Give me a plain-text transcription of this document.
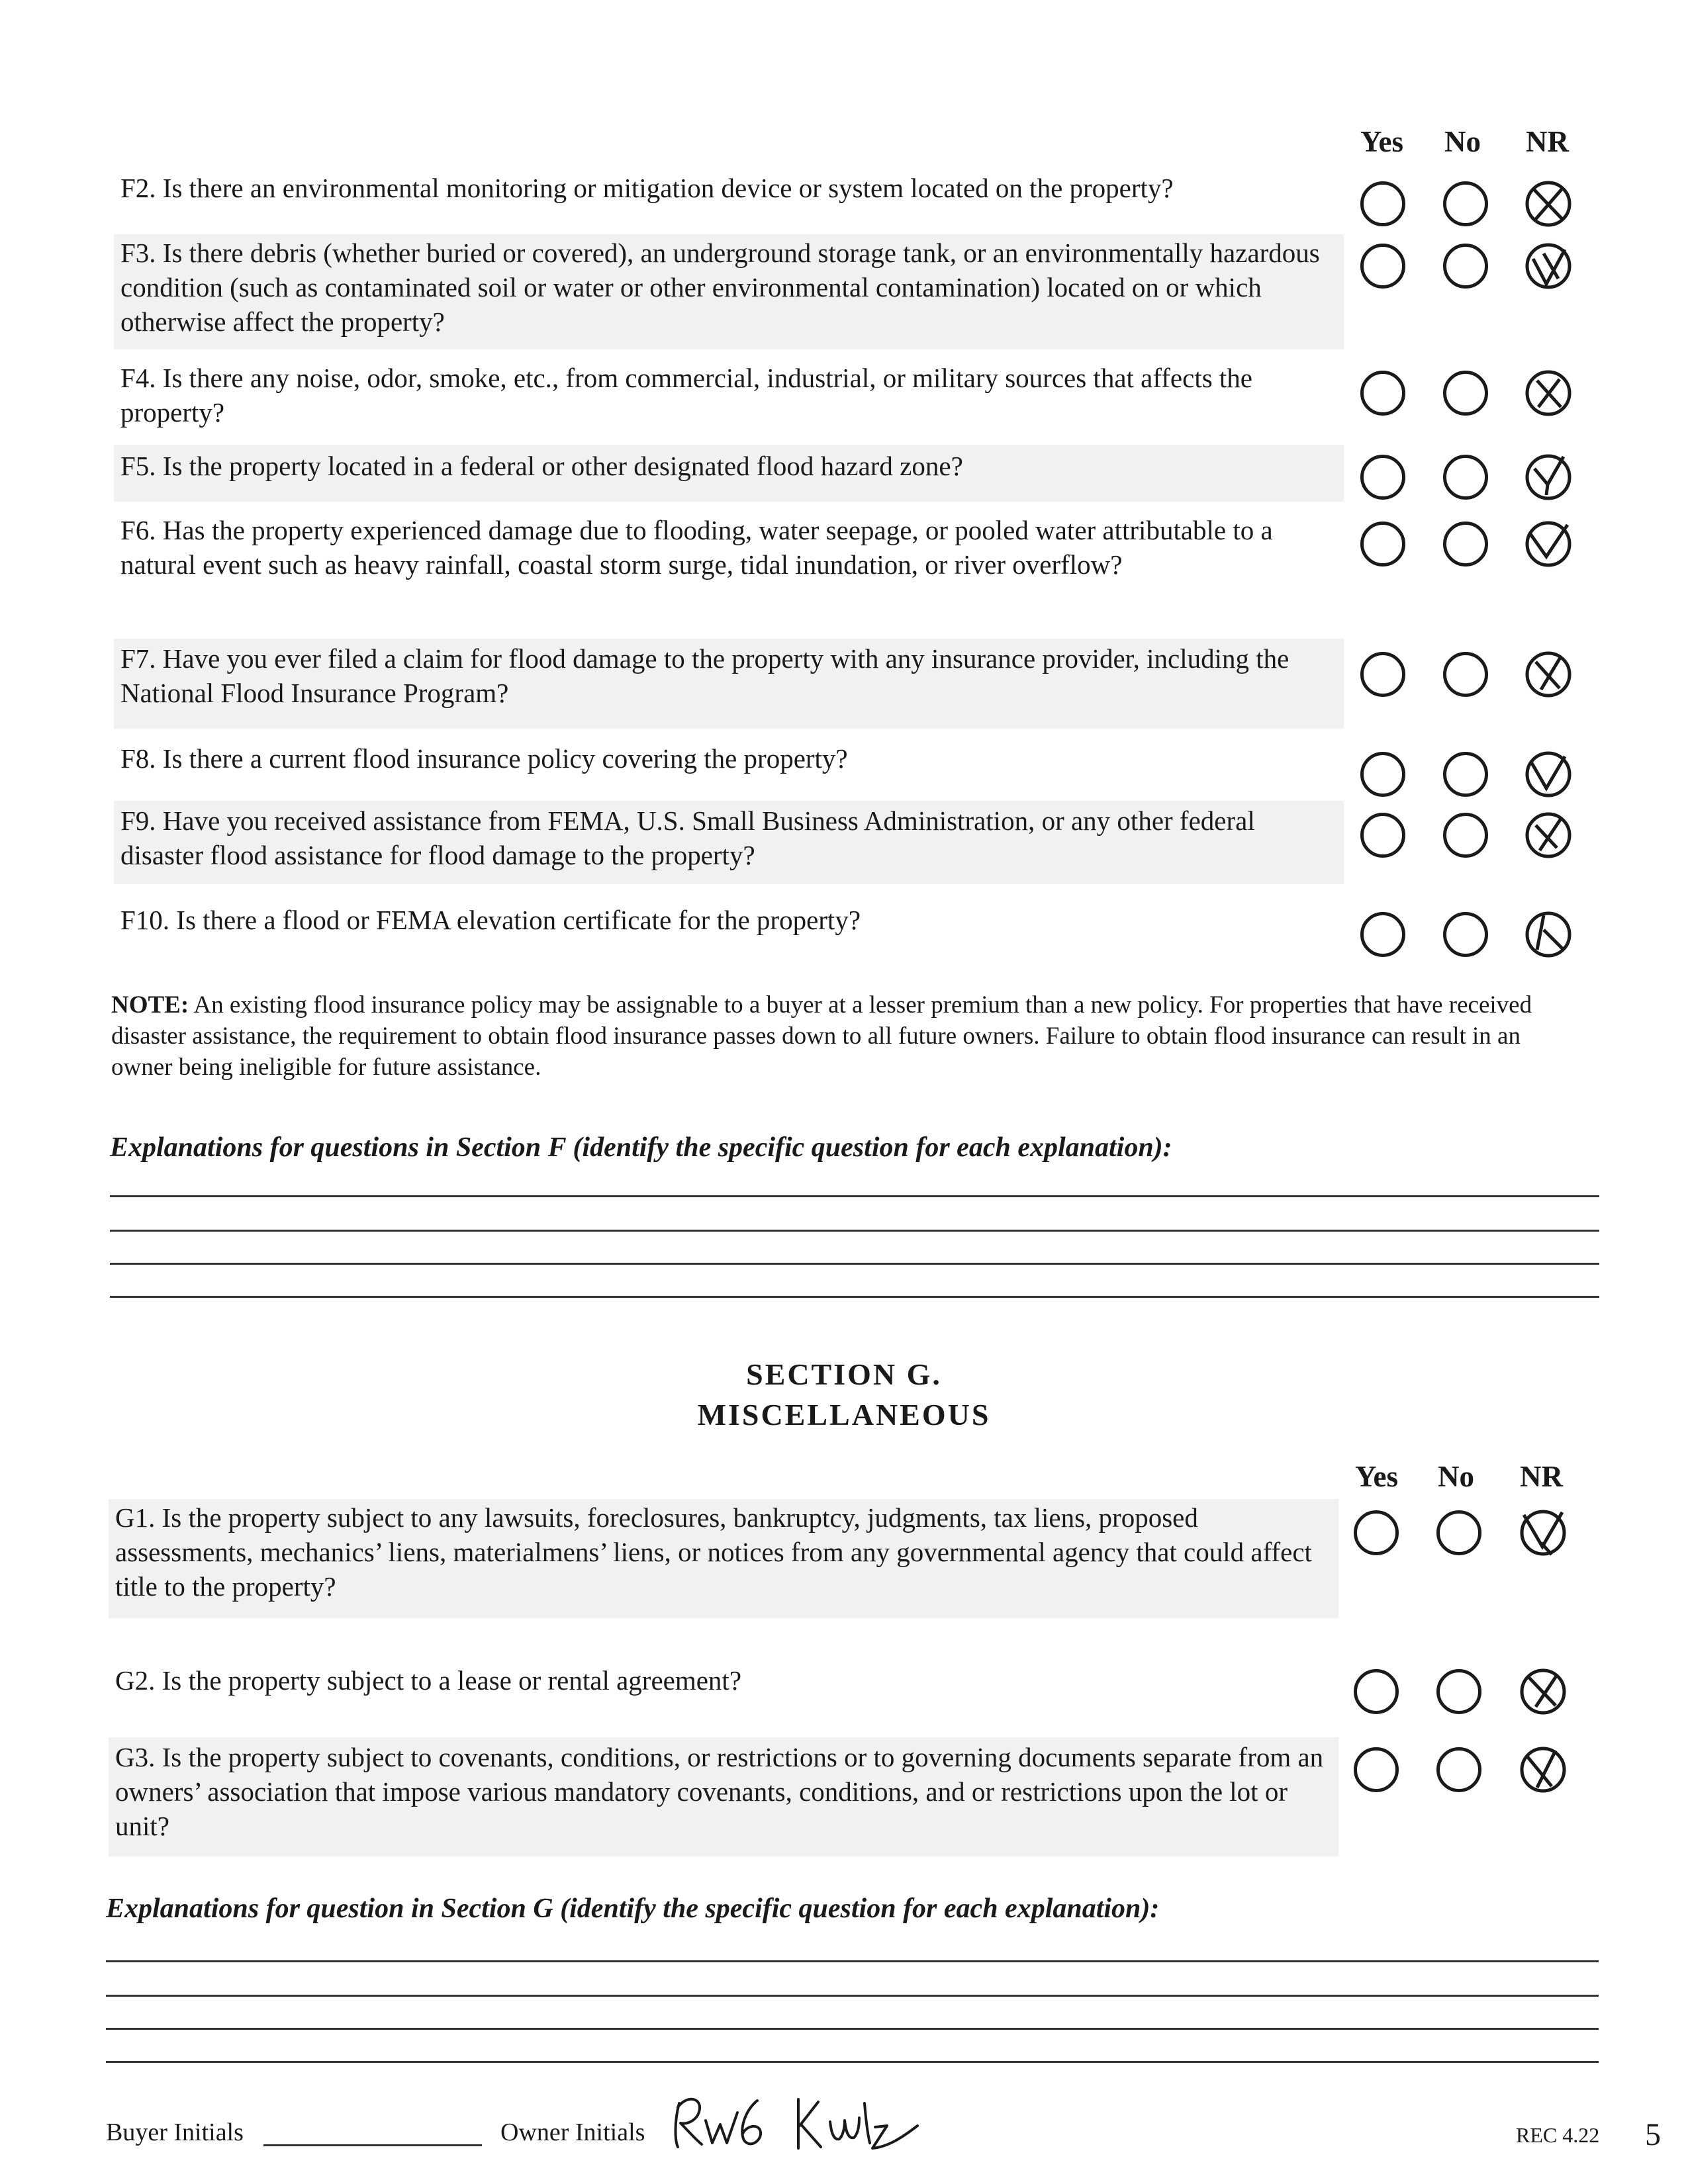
Yes No NR
F2. Is there an environmental monitoring or mitigation device or system located on the property?
F3. Is there debris (whether buried or covered), an underground storage tank, or an environmentally hazardous condition (such as contaminated soil or water or other environmental contamination) located on or which otherwise affect the property?
F4. Is there any noise, odor, smoke, etc., from commercial, industrial, or military sources that affects the property?
F5. Is the property located in a federal or other designated flood hazard zone?
F6. Has the property experienced damage due to flooding, water seepage, or pooled water attributable to a natural event such as heavy rainfall, coastal storm surge, tidal inundation, or river overflow?
F7. Have you ever filed a claim for flood damage to the property with any insurance provider, including the National Flood Insurance Program?
F8. Is there a current flood insurance policy covering the property?
F9. Have you received assistance from FEMA, U.S. Small Business Administration, or any other federal disaster flood assistance for flood damage to the property?
F10. Is there a flood or FEMA elevation certificate for the property?
NOTE: An existing flood insurance policy may be assignable to a buyer at a lesser premium than a new policy. For properties that have received disaster assistance, the requirement to obtain flood insurance passes down to all future owners. Failure to obtain flood insurance can result in an owner being ineligible for future assistance.
Explanations for questions in Section F (identify the specific question for each explanation):
SECTION G.
MISCELLANEOUS
Yes No NR
G1. Is the property subject to any lawsuits, foreclosures, bankruptcy, judgments, tax liens, proposed assessments, mechanics’ liens, materialmens’ liens, or notices from any governmental agency that could affect title to the property?
G2. Is the property subject to a lease or rental agreement?
G3. Is the property subject to covenants, conditions, or restrictions or to governing documents separate from an owners’ association that impose various mandatory covenants, conditions, and or restrictions upon the lot or unit?
Explanations for question in Section G (identify the specific question for each explanation):
Buyer Initials	Owner Initials	REC 4.22 5
